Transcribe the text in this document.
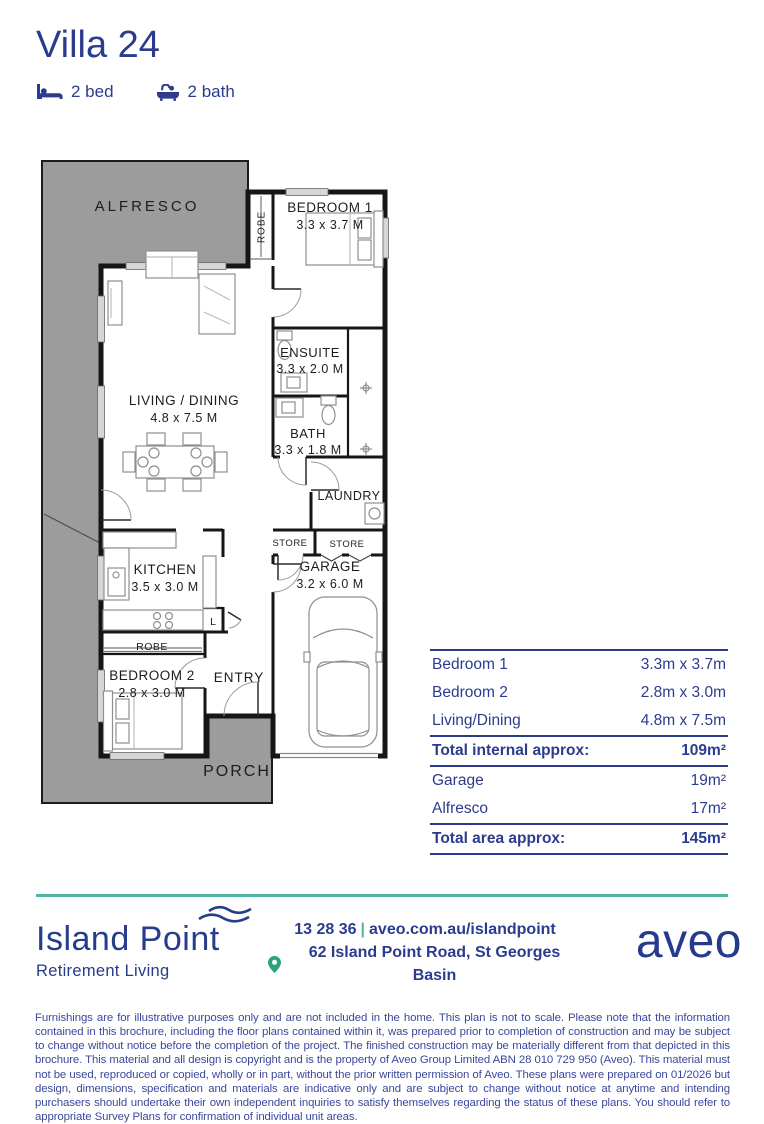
Villa 24
2 bed	2 bath
ALFRESCO
ROBE
BEDROOM 1
3.3 x 3.7 M
ENSUITE
3.3 x 2.0 M
LIVING / DINING
4.8 x 7.5 M
BATH
3.3 x 1.8 M
LAUNDRY
STORE STORE
GARAGE
3.2 x 6.0 M
KITCHEN
3.5 x 3.0 M
L
ROBE
BEDROOM 2
2.8 x 3.0 M
ENTRY
PORCH
Bedroom 1	3.3m x 3.7m
Bedroom 2	2.8m x 3.0m
Living/Dining	4.8m x 7.5m
Total internal approx:	109m²
Garage	19m²
Alfresco	17m²
Total area approx:	145m²
Island Point
Retirement Living
13 28 36 | aveo.com.au/islandpoint
62 Island Point Road, St Georges Basin
aveo
Furnishings are for illustrative purposes only and are not included in the home. This plan is not to scale. Please note that the information contained in this brochure, including the floor plans contained within it, was prepared prior to completion of construction and may be subject to change without notice before the completion of the project. The finished construction may be materially different from that depicted in this brochure. This material and all design is copyright and is the property of Aveo Group Limited ABN 28 010 729 950 (Aveo). This material must not be used, reproduced or copied, wholly or in part, without the prior written permission of Aveo. These plans were prepared on 01/2026 but design, dimensions, specification and materials are indicative only and are subject to change without notice at anytime and intending purchasers should undertake their own independent inquiries to satisfy themselves regarding the status of these plans. You should refer to appropriate Survey Plans for confirmation of individual unit areas.
